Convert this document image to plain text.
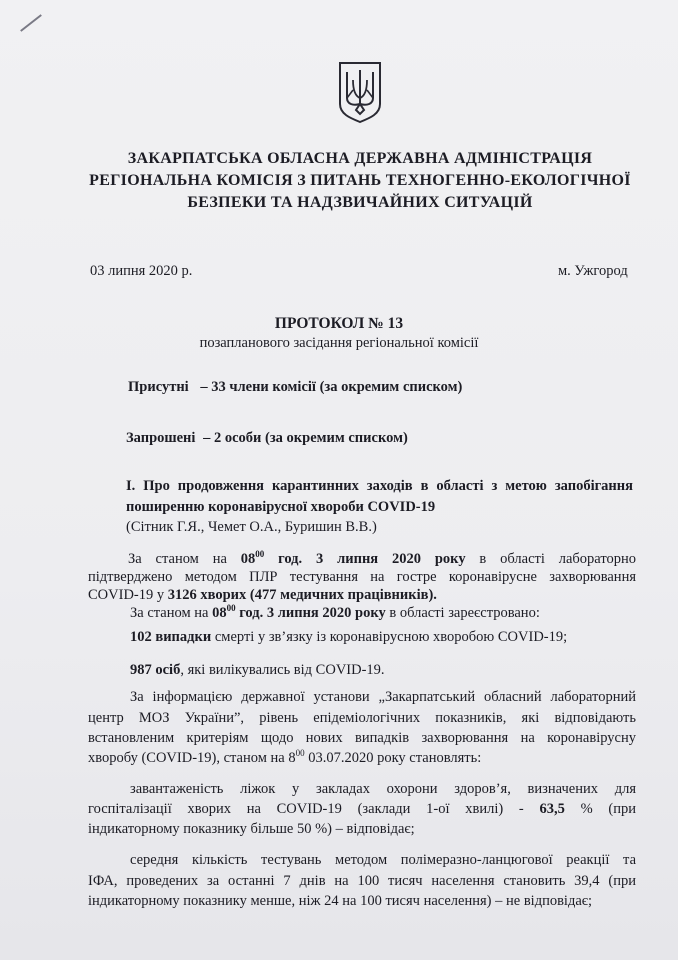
ЗАКАРПАТСЬКА ОБЛАСНА ДЕРЖАВНА АДМІНІСТРАЦІЯ
РЕГІОНАЛЬНА КОМІСІЯ З ПИТАНЬ ТЕХНОГЕННО-ЕКОЛОГІЧНОЇ
БЕЗПЕКИ ТА НАДЗВИЧАЙНИХ СИТУАЦІЙ
03 липня 2020 р.	м. Ужгород
ПРОТОКОЛ № 13
позапланового засідання регіональної комісії
Присутні – 33 члени комісії (за окремим списком)
Запрошені – 2 особи (за окремим списком)
І. Про продовження карантинних заходів в області з метою запобігання
поширенню коронавірусної хвороби COVID-19
(Сітник Г.Я., Чемет О.А., Буришин В.В.)
За станом на $08^{00}$ год. 3 липня 2020 року в області лабораторно
підтверджено методом ПЛР тестування на гостре коронавірусне захворювання
COVID-19 у 3126 хворих (477 медичних працівників).
За станом на $08^{00}$ год. 3 липня 2020 року в області зареєстровано:
102 випадки смерті у зв’язку із коронавірусною хворобою COVID-19;
987 осіб, які вилікувались від COVID-19.
За інформацією державної установи „Закарпатський обласний лабораторний
центр МОЗ України”, рівень епідеміологічних показників, які відповідають
встановленим критеріям щодо нових випадків захворювання на коронавірусну
хворобу (COVID-19), станом на $8^{00}$ 03.07.2020 року становлять:
завантаженість ліжок у закладах охорони здоров’я, визначених для
госпіталізації хворих на COVID-19 (заклади 1-ої хвилі) - 63,5 % (при
індикаторному показнику більше 50 %) – відповідає;
середня кількість тестувань методом полімеразно-ланцюгової реакції та
ІФА, проведених за останні 7 днів на 100 тисяч населення становить 39,4 (при
індикаторному показнику менше, ніж 24 на 100 тисяч населення) – не відповідає;
